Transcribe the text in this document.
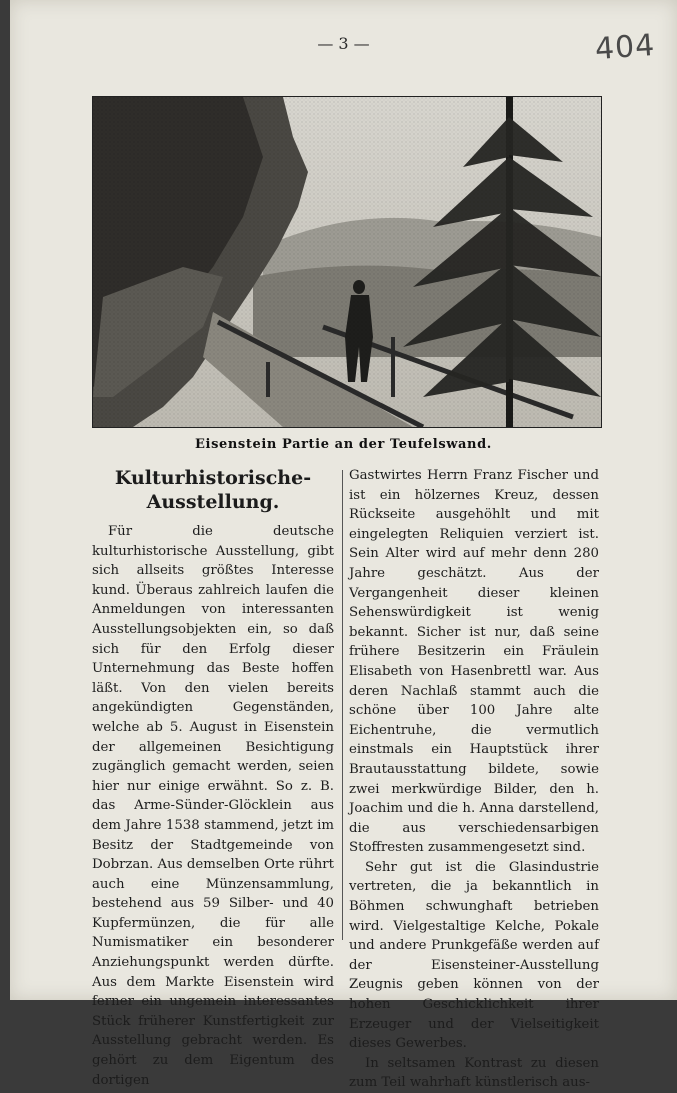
— 3 —	404
Eisenstein Partie an der Teufelswand.
Kulturhistorische-Ausstellung.

Für die deutsche kulturhistorische Ausstellung, gibt sich allseits größtes Interesse kund. Überaus zahlreich laufen die Anmeldungen von interessanten Ausstellungsobjekten ein, so daß sich für den Erfolg dieser Unternehmung das Beste hoffen läßt. Von den vielen bereits angekündigten Gegenständen, welche ab 5. August in Eisenstein der allgemeinen Besichtigung zugänglich gemacht werden, seien hier nur einige erwähnt. So z. B. das Arme-Sünder-Glöcklein aus dem Jahre 1538 stammend, jetzt im Besitz der Stadtgemeinde von Dobrzan. Aus demselben Orte rührt auch eine Münzensammlung, bestehend aus 59 Silber- und 40 Kupfermünzen, die für alle Numismatiker ein besonderer Anziehungspunkt werden dürfte. Aus dem Markte Eisenstein wird ferner ein ungemein interessantes Stück früherer Kunstfertigkeit zur Ausstellung gebracht werden. Es gehört zu dem Eigentum des dortigen

Gastwirtes Herrn Franz Fischer und ist ein hölzernes Kreuz, dessen Rückseite ausgehöhlt und mit eingelegten Reliquien verziert ist. Sein Alter wird auf mehr denn 280 Jahre geschätzt. Aus der Vergangenheit dieser kleinen Sehenswürdigkeit ist wenig bekannt. Sicher ist nur, daß seine frühere Besitzerin ein Fräulein Elisabeth von Hasenbrettl war. Aus deren Nachlaß stammt auch die schöne über 100 Jahre alte Eichentruhe, die vermutlich einstmals ein Hauptstück ihrer Brautausstattung bildete, sowie zwei merkwürdige Bilder, den h. Joachim und die h. Anna darstellend, die aus verschiedensarbigen Stoffresten zusammengesetzt sind.

Sehr gut ist die Glasindustrie vertreten, die ja bekanntlich in Böhmen schwunghaft betrieben wird. Vielgestaltige Kelche, Pokale und andere Prunkgefäße werden auf der Eisensteiner-Ausstellung Zeugnis geben können von der hohen Geschicklichkeit ihrer Erzeuger und der Vielseitigkeit dieses Gewerbes.

In seltsamen Kontrast zu diesen zum Teil wahrhaft künstlerisch aus-
